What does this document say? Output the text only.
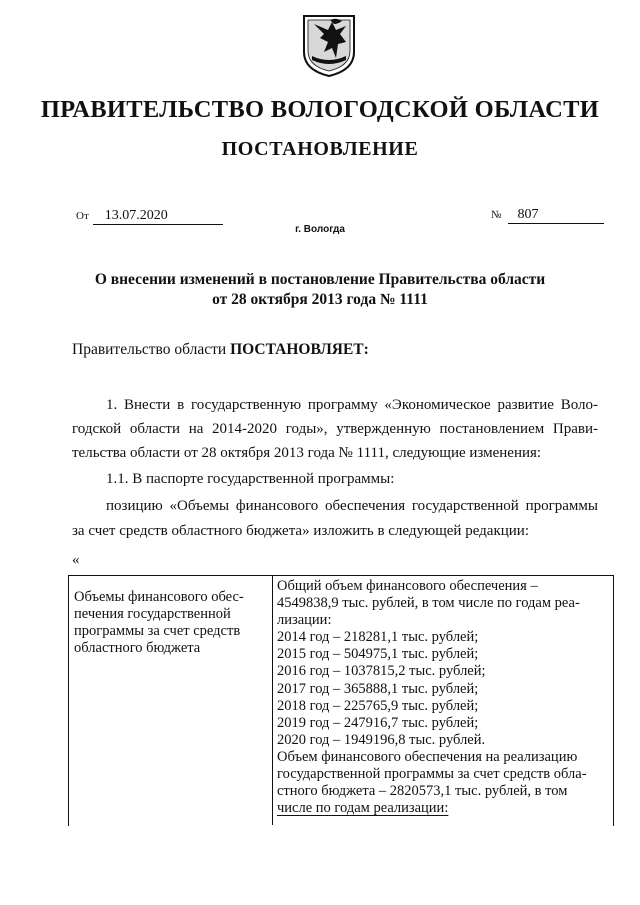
ПРАВИТЕЛЬСТВО ВОЛОГОДСКОЙ ОБЛАСТИ
ПОСТАНОВЛЕНИЕ
От 13.07.2020	№ 807
г. Вологда
О внесении изменений в постановление Правительства области
от 28 октября 2013 года № 1111
Правительство области ПОСТАНОВЛЯЕТ:
1. Внести в государственную программу «Экономическое развитие Воло-
годской области на 2014-2020 годы», утвержденную постановлением Прави-
тельства области от 28 октября 2013 года № 1111, следующие изменения:
1.1. В паспорте государственной программы:
позицию «Объемы финансового обеспечения государственной программы
за счет средств областного бюджета» изложить в следующей редакции:
«
Объемы финансового обес-
печения государственной
программы за счет средств
областного бюджета
Общий объем финансового обеспечения –
4549838,9 тыс. рублей, в том числе по годам реа-
лизации:
2014 год – 218281,1 тыс. рублей;
2015 год – 504975,1 тыс. рублей;
2016 год – 1037815,2 тыс. рублей;
2017 год – 365888,1 тыс. рублей;
2018 год – 225765,9 тыс. рублей;
2019 год – 247916,7 тыс. рублей;
2020 год – 1949196,8 тыс. рублей.
Объем финансового обеспечения на реализацию
государственной программы за счет средств обла-
стного бюджета – 2820573,1 тыс. рублей, в том
числе по годам реализации:
